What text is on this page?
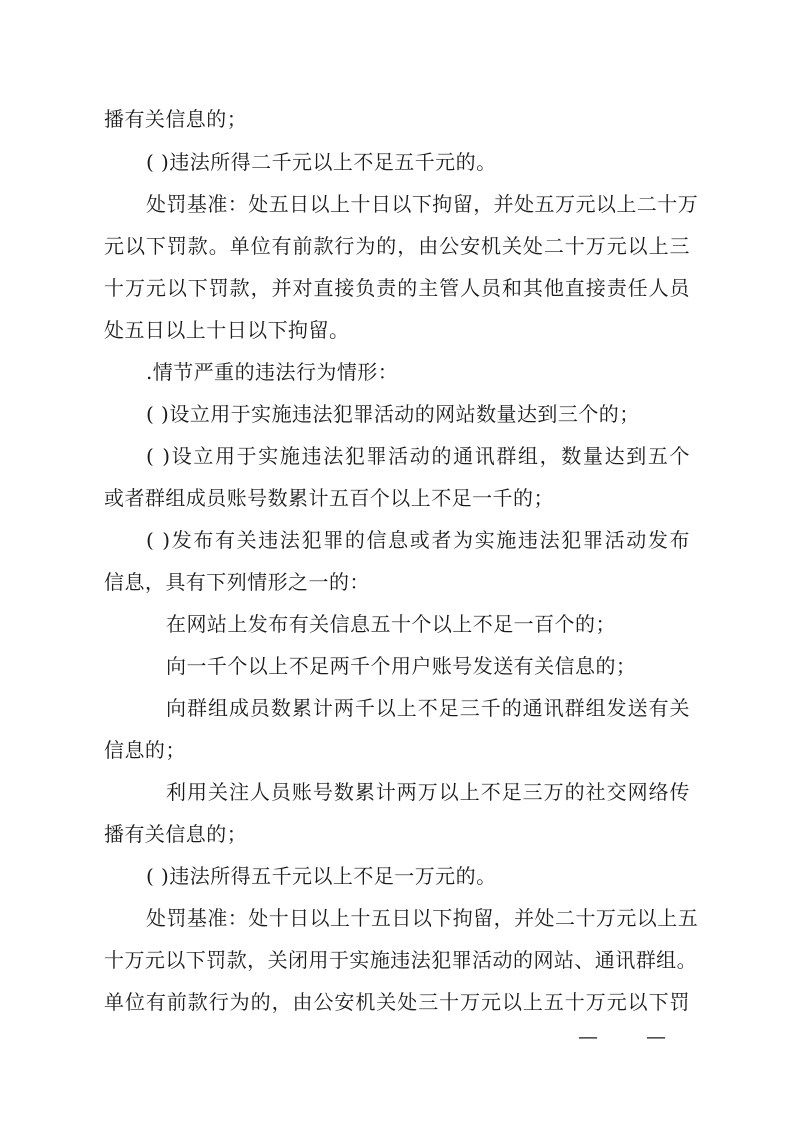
播有关信息的；
( )违法所得二千元以上不足五千元的。
处罚基准：处五日以上十日以下拘留，并处五万元以上二十万
元以下罚款。单位有前款行为的，由公安机关处二十万元以上三
十万元以下罚款，并对直接负责的主管人员和其他直接责任人员
处五日以上十日以下拘留。
.情节严重的违法行为情形：
( )设立用于实施违法犯罪活动的网站数量达到三个的；
( )设立用于实施违法犯罪活动的通讯群组，数量达到五个
或者群组成员账号数累计五百个以上不足一千的；
( )发布有关违法犯罪的信息或者为实施违法犯罪活动发布
信息，具有下列情形之一的：
在网站上发布有关信息五十个以上不足一百个的；
向一千个以上不足两千个用户账号发送有关信息的；
向群组成员数累计两千以上不足三千的通讯群组发送有关
信息的；
利用关注人员账号数累计两万以上不足三万的社交网络传
播有关信息的；
( )违法所得五千元以上不足一万元的。
处罚基准：处十日以上十五日以下拘留，并处二十万元以上五
十万元以下罚款，关闭用于实施违法犯罪活动的网站、通讯群组。
单位有前款行为的，由公安机关处三十万元以上五十万元以下罚
— —
